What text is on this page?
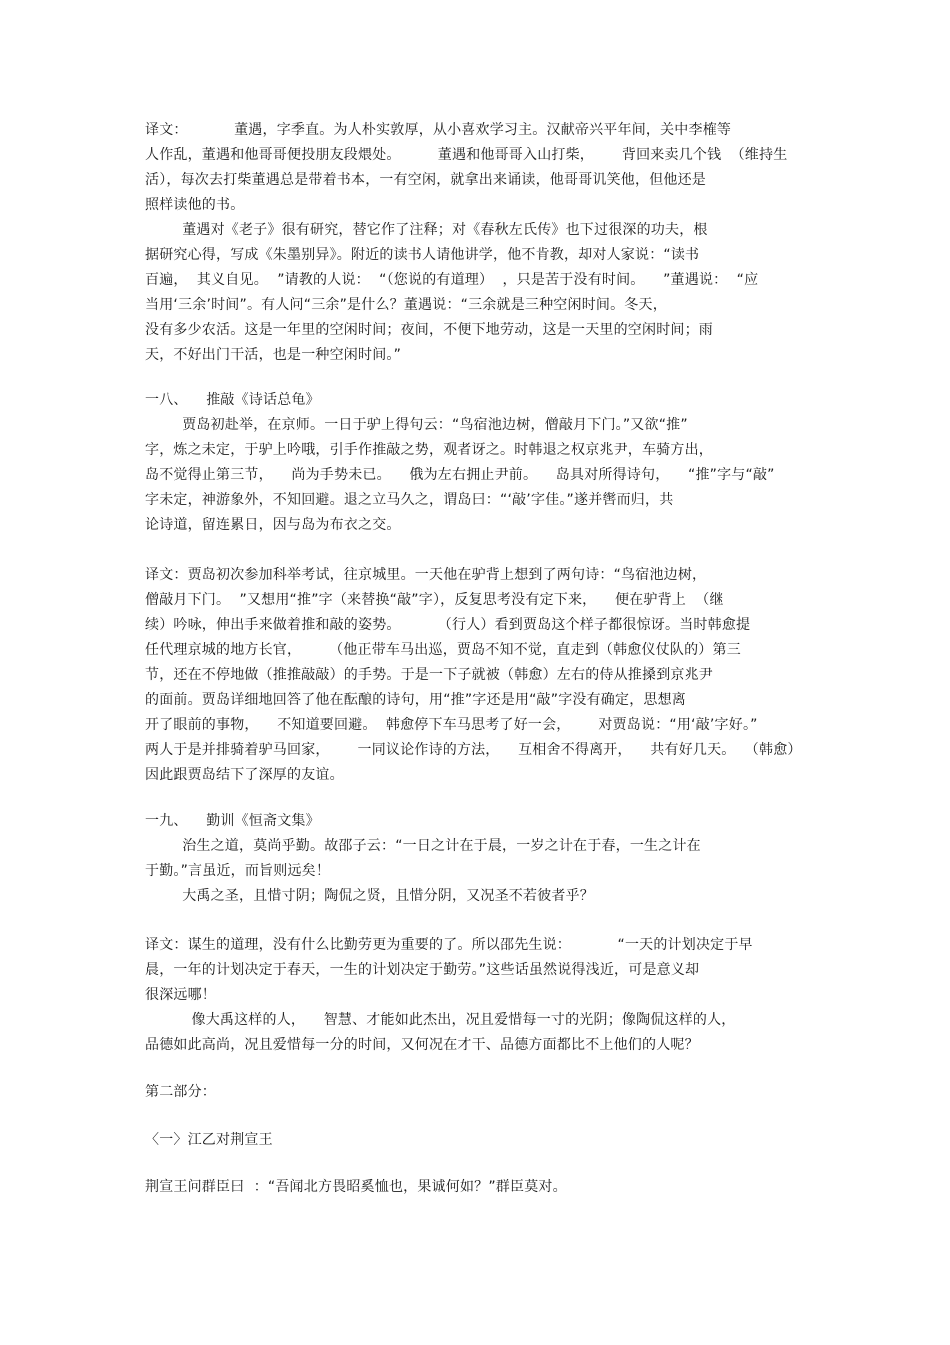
译文：          董遇，字季直。为人朴实敦厚，从小喜欢学习主。汉献帝兴平年间，关中李榷等
人作乱，董遇和他哥哥便投朋友段煨处。        董遇和他哥哥入山打柴，      背回来卖几个钱  （维持生
活），每次去打柴董遇总是带着书本，一有空闲，就拿出来诵读，他哥哥讥笑他，但他还是
照样读他的书。
董遇对《老子》很有研究，替它作了注释；对《春秋左氏传》也下过很深的功夫，根
据研究心得，写成《朱墨别异》。附近的读书人请他讲学，他不肯教，却对人家说：“读书
百遍，  其义自见。  ”请教的人说：  “（您说的有道理）  ，只是苦于没有时间。    ”董遇说：  “应
当用‘三余’时间”。有人问“三余”是什么？董遇说：“三余就是三种空闲时间。冬天，
没有多少农活。这是一年里的空闲时间；夜间，不便下地劳动，这是一天里的空闲时间；雨
天，不好出门干活，也是一种空闲时间。”
一八、    推敲《诗话总龟》
贾岛初赴举，在京师。一日于驴上得句云：“鸟宿池边树，僧敲月下门。”又欲“推”
字，炼之未定，于驴上吟哦，引手作推敲之势，观者讶之。时韩退之权京兆尹，车骑方出，
岛不觉得止第三节，    尚为手势未已。    俄为左右拥止尹前。    岛具对所得诗句，    “推”字与“敲”
字未定，神游象外，不知回避。退之立马久之，谓岛曰：“‘敲’字佳。”遂并辔而归，共
论诗道，留连累日，因与岛为布衣之交。
译文：贾岛初次参加科举考试，往京城里。一天他在驴背上想到了两句诗：“鸟宿池边树，
僧敲月下门。  ”又想用“推”字（来替换“敲”字），反复思考没有定下来，    便在驴背上  （继
续）吟咏，伸出手来做着推和敲的姿势。        （行人）看到贾岛这个样子都很惊讶。当时韩愈提
任代理京城的地方长官，      （他正带车马出巡，贾岛不知不觉，直走到（韩愈仪仗队的）第三
节，还在不停地做（推推敲敲）的手势。于是一下子就被（韩愈）左右的侍从推搡到京兆尹
的面前。贾岛详细地回答了他在酝酿的诗句，用“推”字还是用“敲”字没有确定，思想离
开了眼前的事物，    不知道要回避。  韩愈停下车马思考了好一会，      对贾岛说：“用‘敲’字好。”
两人于是并排骑着驴马回家，      一同议论作诗的方法，    互相舍不得离开，    共有好几天。  （韩愈）
因此跟贾岛结下了深厚的友谊。
一九、    勤训《恒斋文集》
治生之道，莫尚乎勤。故邵子云：“一日之计在于晨，一岁之计在于春，一生之计在
于勤。”言虽近，而旨则远矣！
大禹之圣，且惜寸阴；陶侃之贤，且惜分阴，又况圣不若彼者乎？
译文：谋生的道理，没有什么比勤劳更为重要的了。所以邵先生说：          “一天的计划决定于早
晨，一年的计划决定于春天，一生的计划决定于勤劳。”这些话虽然说得浅近，可是意义却
很深远哪！
像大禹这样的人，    智慧、才能如此杰出，况且爱惜每一寸的光阴；像陶侃这样的人，
品德如此高尚，况且爱惜每一分的时间，又何况在才干、品德方面都比不上他们的人呢？
第二部分：
〈一〉江乙对荆宣王
荆宣王问群臣曰  ：“吾闻北方畏昭奚恤也，果诚何如？”群臣莫对。
